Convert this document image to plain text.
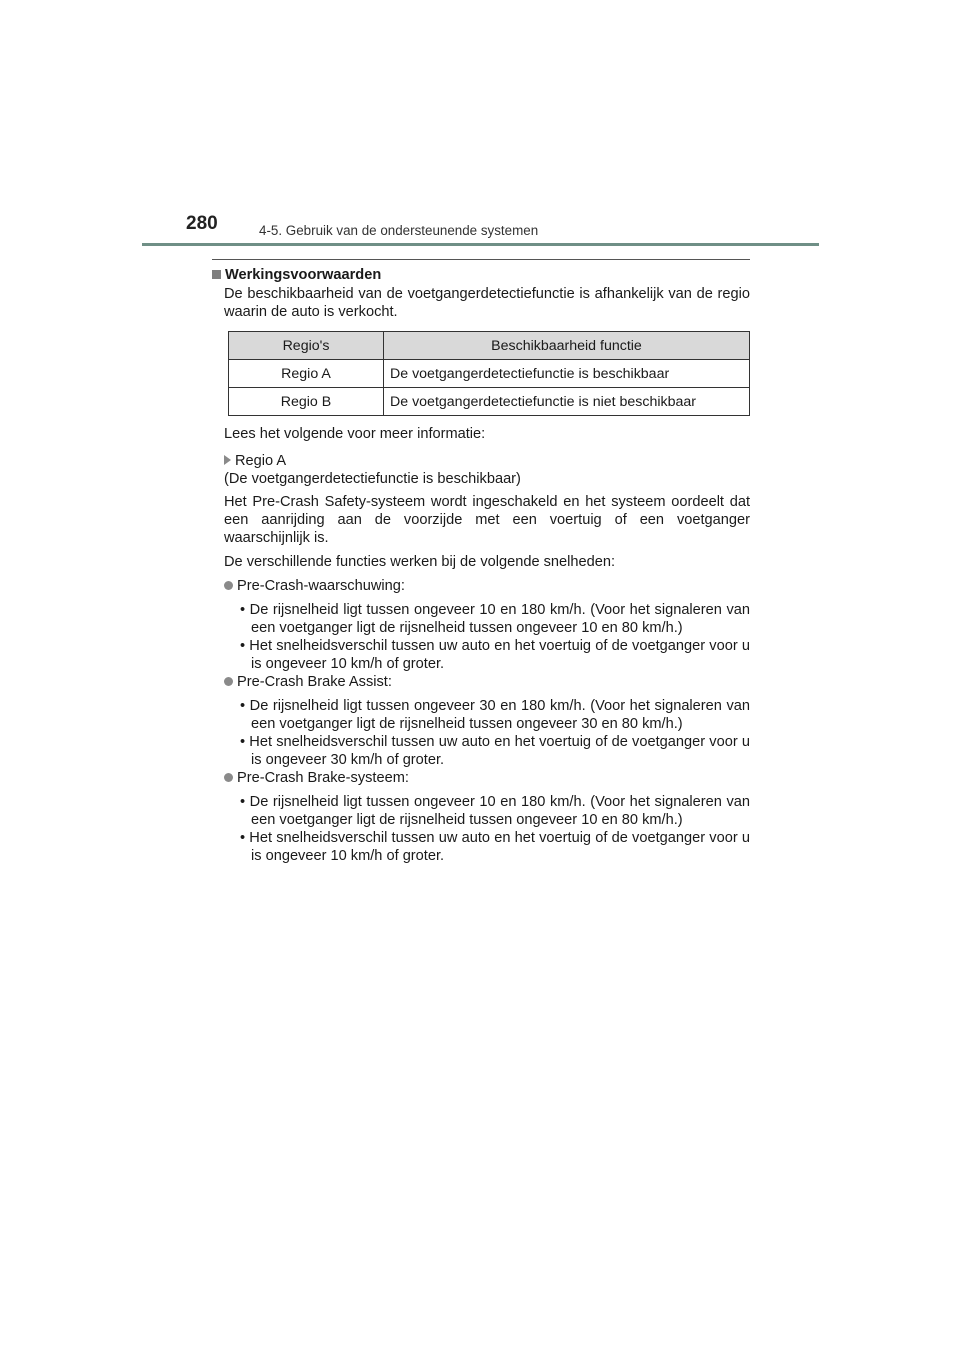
280	4-5. Gebruik van de ondersteunende systemen
Werkingsvoorwaarden

De beschikbaarheid van de voetgangerdetectiefunctie is afhankelijk van de regio waarin de auto is verkocht.

Regio's	Beschikbaarheid functie
Regio A	De voetgangerdetectiefunctie is beschikbaar
Regio B	De voetgangerdetectiefunctie is niet beschikbaar

Lees het volgende voor meer informatie:

Regio A
(De voetgangerdetectiefunctie is beschikbaar)

Het Pre-Crash Safety-systeem wordt ingeschakeld en het systeem oordeelt dat een aanrijding aan de voorzijde met een voertuig of een voetganger waarschijnlijk is.

De verschillende functies werken bij de volgende snelheden:

Pre-Crash-waarschuwing:
• De rijsnelheid ligt tussen ongeveer 10 en 180 km/h. (Voor het signaleren van een voetganger ligt de rijsnelheid tussen ongeveer 10 en 80 km/h.)
• Het snelheidsverschil tussen uw auto en het voertuig of de voetganger voor u is ongeveer 10 km/h of groter.
Pre-Crash Brake Assist:
• De rijsnelheid ligt tussen ongeveer 30 en 180 km/h. (Voor het signaleren van een voetganger ligt de rijsnelheid tussen ongeveer 30 en 80 km/h.)
• Het snelheidsverschil tussen uw auto en het voertuig of de voetganger voor u is ongeveer 30 km/h of groter.
Pre-Crash Brake-systeem:
• De rijsnelheid ligt tussen ongeveer 10 en 180 km/h. (Voor het signaleren van een voetganger ligt de rijsnelheid tussen ongeveer 10 en 80 km/h.)
• Het snelheidsverschil tussen uw auto en het voertuig of de voetganger voor u is ongeveer 10 km/h of groter.
